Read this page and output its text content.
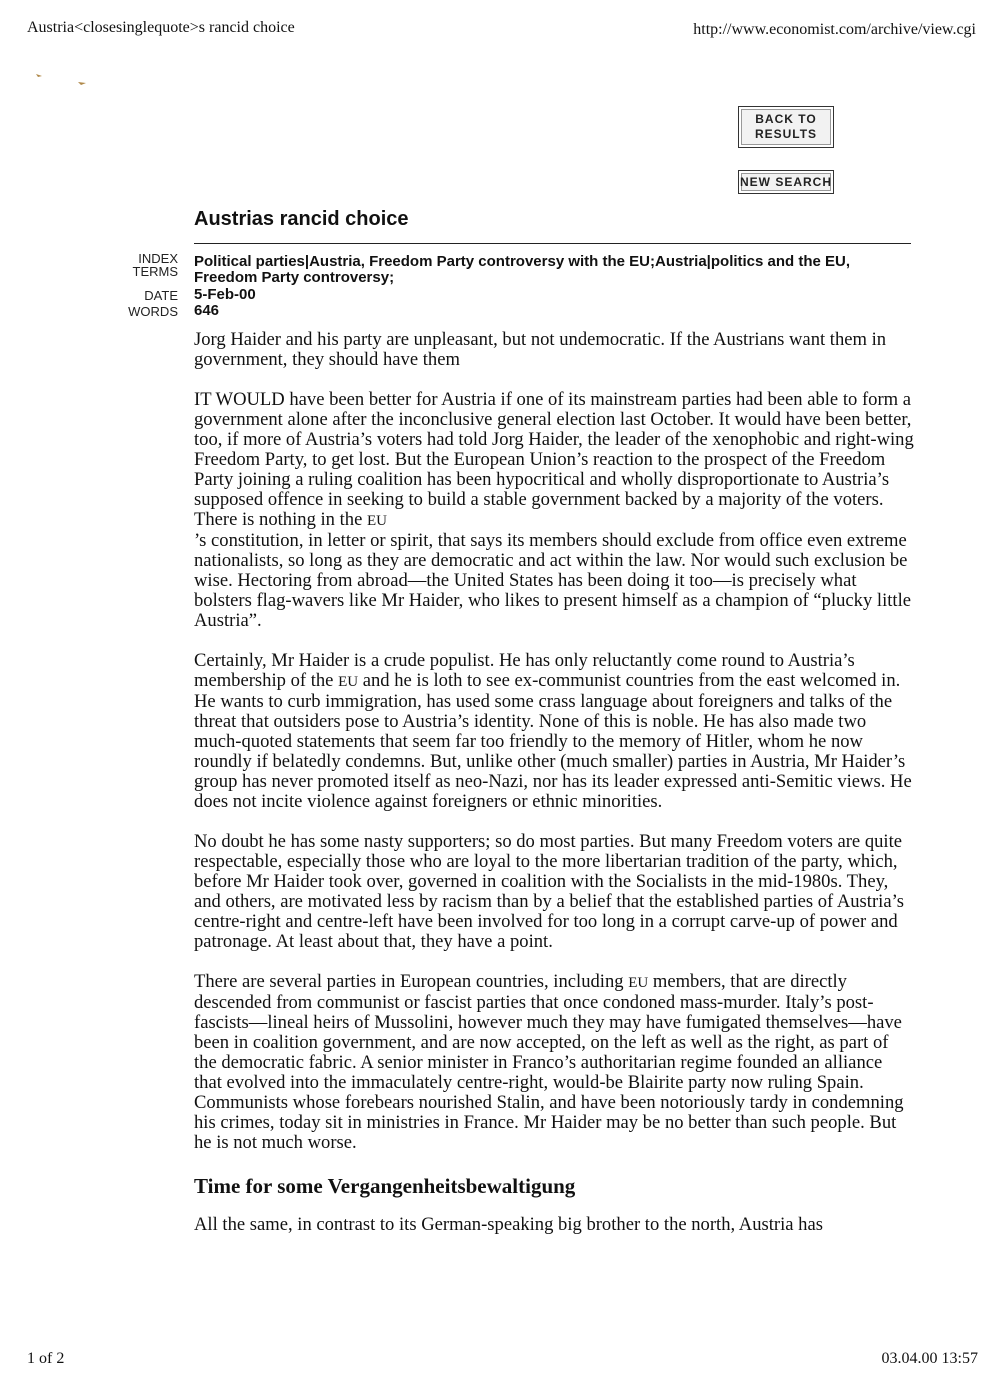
Austria<closesinglequote>s rancid choice	http://www.economist.com/archive/view.cgi
BACK TO
RESULTS
NEW SEARCH
Austrias rancid choice
INDEX
TERMS
Political parties|Austria, Freedom Party controversy with the EU;Austria|politics and the EU, Freedom Party controversy;
DATE 5-Feb-00
WORDS 646

Jorg Haider and his party are unpleasant, but not undemocratic. If the Austrians want them in government, they should have them

IT WOULD have been better for Austria if one of its mainstream parties had been able to form a government alone after the inconclusive general election last October. It would have been better, too, if more of Austria’s voters had told Jorg Haider, the leader of the xenophobic and right-wing Freedom Party, to get lost. But the European Union’s reaction to the prospect of the Freedom Party joining a ruling coalition has been hypocritical and wholly disproportionate to Austria’s supposed offence in seeking to build a stable government backed by a majority of the voters. There is nothing in the EU
’s constitution, in letter or spirit, that says its members should exclude from office even extreme nationalists, so long as they are democratic and act within the law. Nor would such exclusion be wise. Hectoring from abroad—the United States has been doing it too—is precisely what bolsters flag-wavers like Mr Haider, who likes to present himself as a champion of “plucky little Austria”.

Certainly, Mr Haider is a crude populist. He has only reluctantly come round to Austria’s membership of the EU and he is loth to see ex-communist countries from the east welcomed in. He wants to curb immigration, has used some crass language about foreigners and talks of the threat that outsiders pose to Austria’s identity. None of this is noble. He has also made two much-quoted statements that seem far too friendly to the memory of Hitler, whom he now roundly if belatedly condemns. But, unlike other (much smaller) parties in Austria, Mr Haider’s group has never promoted itself as neo-Nazi, nor has its leader expressed anti-Semitic views. He does not incite violence against foreigners or ethnic minorities.

No doubt he has some nasty supporters; so do most parties. But many Freedom voters are quite respectable, especially those who are loyal to the more libertarian tradition of the party, which, before Mr Haider took over, governed in coalition with the Socialists in the mid-1980s. They, and others, are motivated less by racism than by a belief that the established parties of Austria’s centre-right and centre-left have been involved for too long in a corrupt carve-up of power and patronage. At least about that, they have a point.

There are several parties in European countries, including EU members, that are directly descended from communist or fascist parties that once condoned mass-murder. Italy’s post-fascists—lineal heirs of Mussolini, however much they may have fumigated themselves—have been in coalition government, and are now accepted, on the left as well as the right, as part of the democratic fabric. A senior minister in Franco’s authoritarian regime founded an alliance that evolved into the immaculately centre-right, would-be Blairite party now ruling Spain. Communists whose forebears nourished Stalin, and have been notoriously tardy in condemning his crimes, today sit in ministries in France. Mr Haider may be no better than such people. But he is not much worse.

Time for some Vergangenheitsbewaltigung

All the same, in contrast to its German-speaking big brother to the north, Austria has

1 of 2	03.04.00 13:57
